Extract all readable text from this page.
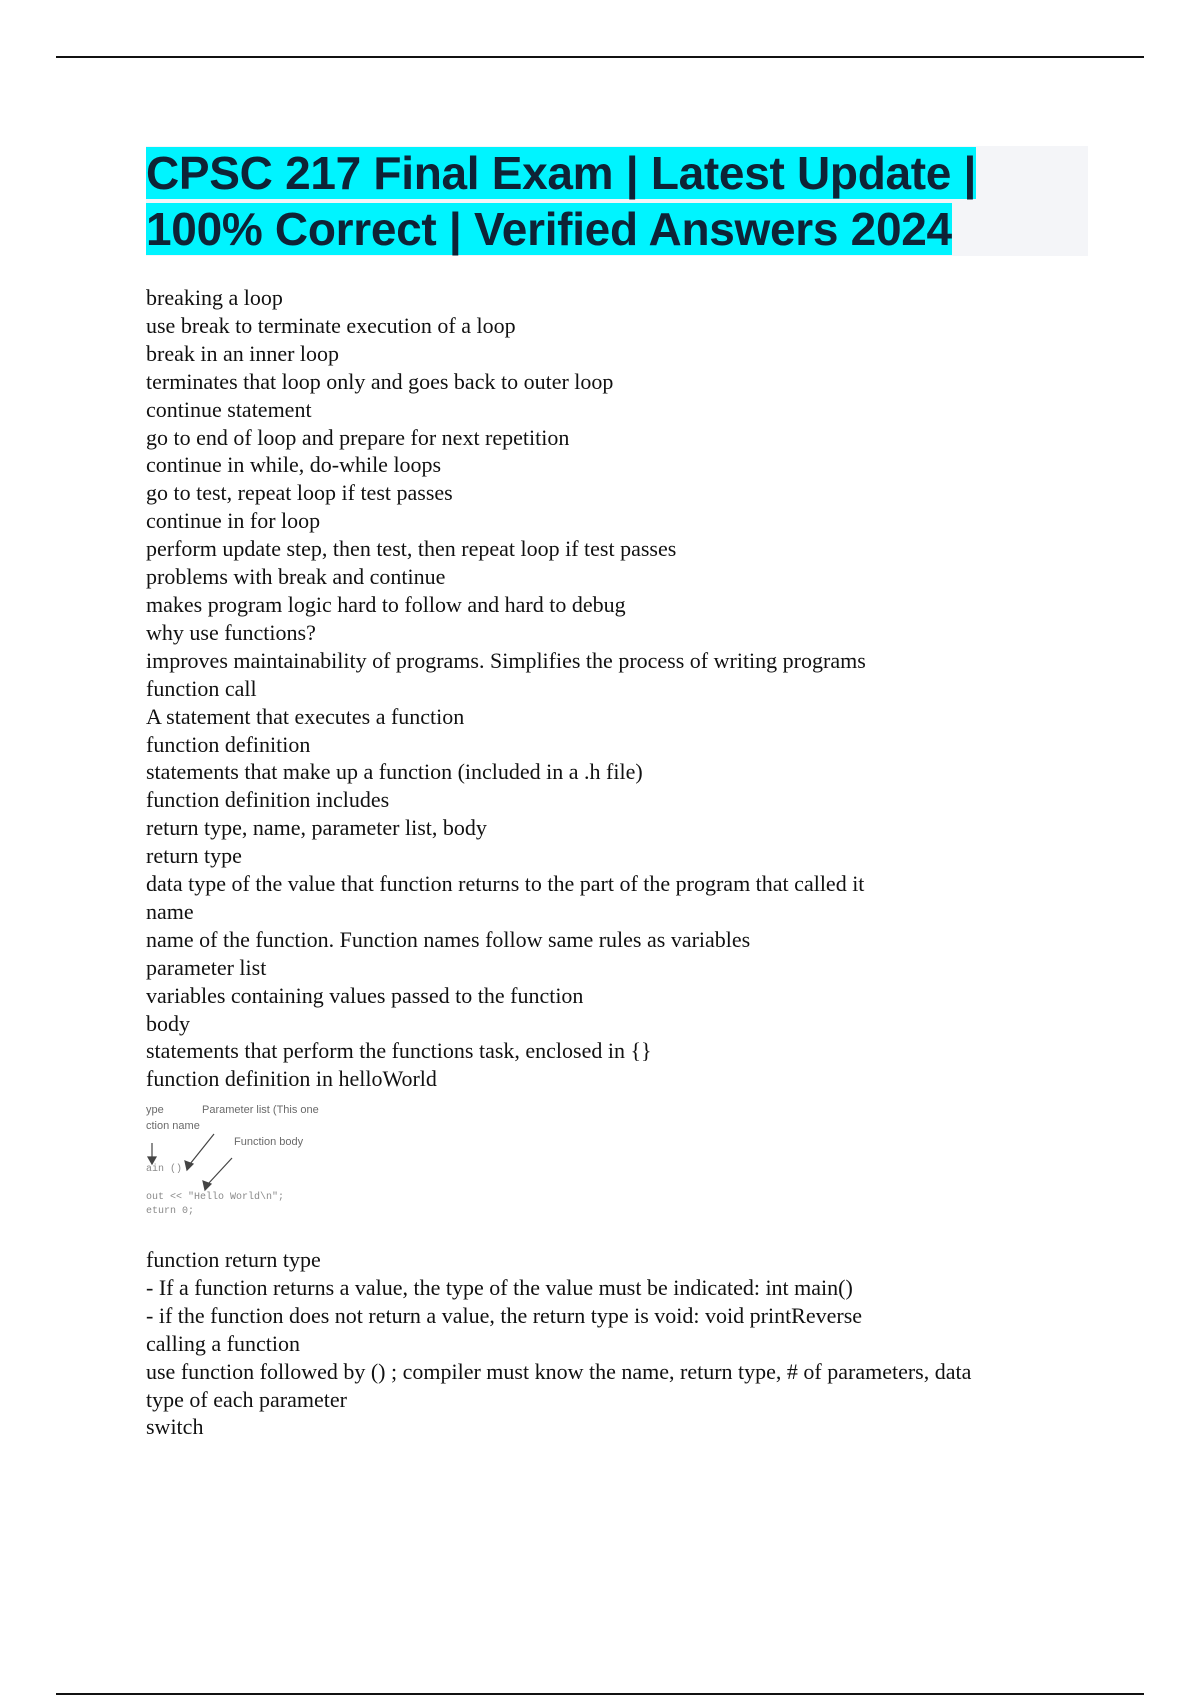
CPSC 217 Final Exam | Latest Update |
100% Correct | Verified Answers 2024
breaking a loop
use break to terminate execution of a loop
break in an inner loop
terminates that loop only and goes back to outer loop
continue statement
go to end of loop and prepare for next repetition
continue in while, do-while loops
go to test, repeat loop if test passes
continue in for loop
perform update step, then test, then repeat loop if test passes
problems with break and continue
makes program logic hard to follow and hard to debug
why use functions?
improves maintainability of programs. Simplifies the process of writing programs
function call
A statement that executes a function
function definition
statements that make up a function (included in a .h file)
function definition includes
return type, name, parameter list, body
return type
data type of the value that function returns to the part of the program that called it
name
name of the function. Function names follow same rules as variables
parameter list
variables containing values passed to the function
body
statements that perform the functions task, enclosed in {}
function definition in helloWorld
ype	Parameter list (This one
ction name
Function body
ain ()
out << "Hello World\n";
eturn 0;
function return type
- If a function returns a value, the type of the value must be indicated: int main()
- if the function does not return a value, the return type is void: void printReverse
calling a function
use function followed by () ; compiler must know the name, return type, # of parameters, data
type of each parameter
switch
